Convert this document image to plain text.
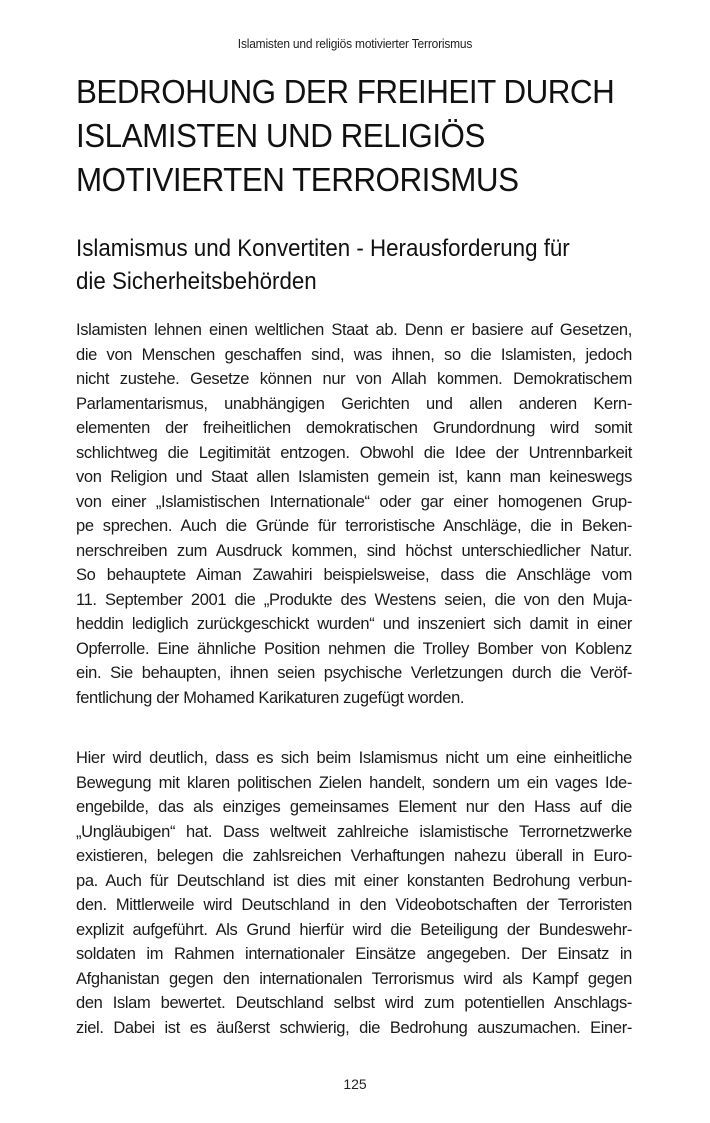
Islamisten und religiös motivierter Terrorismus
BEDROHUNG DER FREIHEIT DURCH
ISLAMISTEN UND RELIGIÖS
MOTIVIERTEN TERRORISMUS
Islamismus und Konvertiten - Herausforderung für
die Sicherheitsbehörden
Islamisten lehnen einen weltlichen Staat ab. Denn er basiere auf Gesetzen,
die von Menschen geschaffen sind, was ihnen, so die Islamisten, jedoch
nicht zustehe. Gesetze können nur von Allah kommen. Demokratischem
Parlamentarismus, unabhängigen Gerichten und allen anderen Kern-
elementen der freiheitlichen demokratischen Grundordnung wird somit
schlichtweg die Legitimität entzogen. Obwohl die Idee der Untrennbarkeit
von Religion und Staat allen Islamisten gemein ist, kann man keineswegs
von einer „Islamistischen Internationale“ oder gar einer homogenen Grup-
pe sprechen. Auch die Gründe für terroristische Anschläge, die in Beken-
nerschreiben zum Ausdruck kommen, sind höchst unterschiedlicher Natur.
So behauptete Aiman Zawahiri beispielsweise, dass die Anschläge vom
11. September 2001 die „Produkte des Westens seien, die von den Muja-
heddin lediglich zurückgeschickt wurden“ und inszeniert sich damit in einer
Opferrolle. Eine ähnliche Position nehmen die Trolley Bomber von Koblenz
ein. Sie behaupten, ihnen seien psychische Verletzungen durch die Veröf-
fentlichung der Mohamed Karikaturen zugefügt worden.
Hier wird deutlich, dass es sich beim Islamismus nicht um eine einheitliche
Bewegung mit klaren politischen Zielen handelt, sondern um ein vages Ide-
engebilde, das als einziges gemeinsames Element nur den Hass auf die
„Ungläubigen“ hat. Dass weltweit zahlreiche islamistische Terrornetzwerke
existieren, belegen die zahlsreichen Verhaftungen nahezu überall in Euro-
pa. Auch für Deutschland ist dies mit einer konstanten Bedrohung verbun-
den. Mittlerweile wird Deutschland in den Videobotschaften der Terroristen
explizit aufgeführt. Als Grund hierfür wird die Beteiligung der Bundeswehr-
soldaten im Rahmen internationaler Einsätze angegeben. Der Einsatz in
Afghanistan gegen den internationalen Terrorismus wird als Kampf gegen
den Islam bewertet. Deutschland selbst wird zum potentiellen Anschlags-
ziel. Dabei ist es äußerst schwierig, die Bedrohung auszumachen. Einer-
125
